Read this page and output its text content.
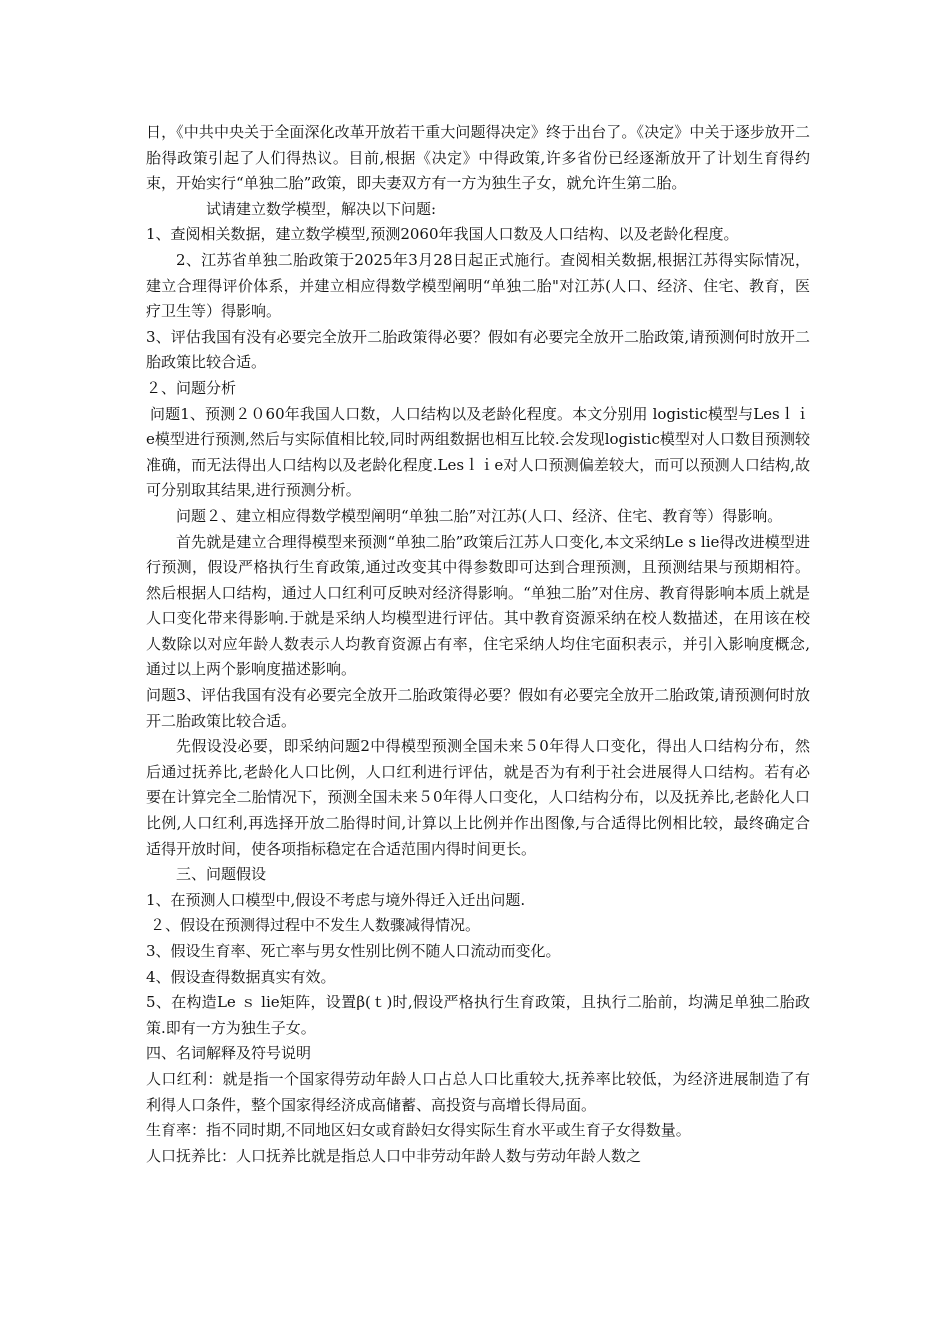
日，《中共中央关于全面深化改革开放若干重大问题得决定》终于出台了。《决定》中关于逐步放开二胎得政策引起了人们得热议。目前,根据《决定》中得政策,许多省份已经逐渐放开了计划生育得约束，开始实行“单独二胎”政策，即夫妻双方有一方为独生子女，就允许生第二胎。

试请建立数学模型，解决以下问题:

1、查阅相关数据，建立数学模型,预测2060年我国人口数及人口结构、以及老龄化程度。

2、江苏省单独二胎政策于2025年3月28日起正式施行。查阅相关数据,根据江苏得实际情况，建立合理得评价体系，并建立相应得数学模型阐明“单独二胎"对江苏(人口、经济、住宅、教育，医疗卫生等）得影响。

3、评估我国有没有必要完全放开二胎政策得必要？假如有必要完全放开二胎政策,请预测何时放开二胎政策比较合适。

２、问题分析

问题1、预测２０60年我国人口数，人口结构以及老龄化程度。本文分别用 logistic模型与Lesｌｉe模型进行预测,然后与实际值相比较,同时两组数据也相互比较.会发现logistic模型对人口数目预测较准确，而无法得出人口结构以及老龄化程度.Lesｌｉe对人口预测偏差较大，而可以预测人口结构,故可分别取其结果,进行预测分析。

问题２、建立相应得数学模型阐明“单独二胎”对江苏(人口、经济、住宅、教育等）得影响。

首先就是建立合理得模型来预测“单独二胎”政策后江苏人口变化,本文采纳Le s lie得改进模型进行预测，假设严格执行生育政策,通过改变其中得参数即可达到合理预测，且预测结果与预期相符。然后根据人口结构，通过人口红利可反映对经济得影响。“单独二胎”对住房、教育得影响本质上就是人口变化带来得影响.于就是采纳人均模型进行评估。其中教育资源采纳在校人数描述，在用该在校人数除以对应年龄人数表示人均教育资源占有率，住宅采纳人均住宅面积表示，并引入影响度概念,通过以上两个影响度描述影响。

问题3、评估我国有没有必要完全放开二胎政策得必要？假如有必要完全放开二胎政策,请预测何时放开二胎政策比较合适。

先假设没必要，即采纳问题2中得模型预测全国未来５0年得人口变化，得出人口结构分布，然后通过抚养比,老龄化人口比例，人口红利进行评估，就是否为有利于社会进展得人口结构。若有必要在计算完全二胎情况下，预测全国未来５0年得人口变化，人口结构分布，以及抚养比,老龄化人口比例,人口红利,再选择开放二胎得时间,计算以上比例并作出图像,与合适得比例相比较，最终确定合适得开放时间，使各项指标稳定在合适范围内得时间更长。

三、问题假设

1、在预测人口模型中,假设不考虑与境外得迁入迁出问题.

２、假设在预测得过程中不发生人数骤减得情况。

3、假设生育率、死亡率与男女性别比例不随人口流动而变化。

4、假设查得数据真实有效。

5、在构造Le ｓ lie矩阵，设置β(ｔ)时,假设严格执行生育政策，且执行二胎前，均满足单独二胎政策.即有一方为独生子女。

四、名词解释及符号说明

人口红利：就是指一个国家得劳动年龄人口占总人口比重较大,抚养率比较低，为经济进展制造了有利得人口条件，整个国家得经济成高储蓄、高投资与高增长得局面。

生育率：指不同时期,不同地区妇女或育龄妇女得实际生育水平或生育子女得数量。

人口抚养比：人口抚养比就是指总人口中非劳动年龄人数与劳动年龄人数之
